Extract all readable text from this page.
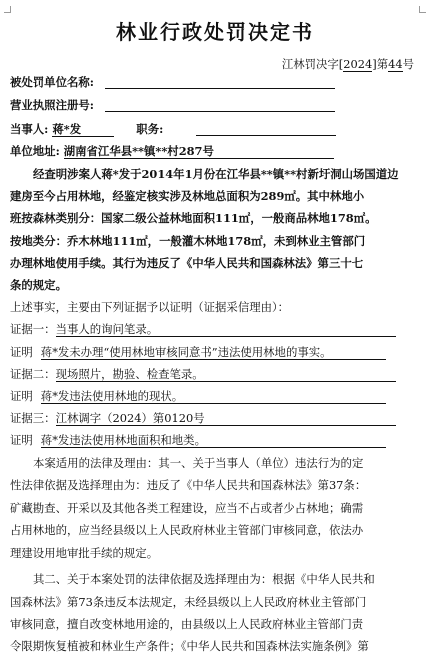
林业行政处罚决定书
江林罚决字[2024]第44号
被处罚单位名称:
营业执照注册号:
当事人: 蒋*发	职务:
单位地址: 湖南省江华县**镇**村287号
经查明涉案人蒋*发于2014年1月份在江华县**镇**村新圩洞山场国道边
建房至今占用林地，经鉴定核实涉及林地总面积为289㎡。其中林地小
班按森林类别分：国家二级公益林地面积111㎡，一般商品林地178㎡。
按地类分：乔木林地111㎡，一般灌木林地178㎡，未到林业主管部门
办理林地使用手续。其行为违反了《中华人民共和国森林法》第三十七
条的规定。
上述事实，主要由下列证据予以证明（证据采信理由）：
证据一：当事人的询问笔录。
证明 蒋*发未办理“使用林地审核同意书”违法使用林地的事实。
证据二：现场照片，勘验、检查笔录。
证明 蒋*发违法使用林地的现状。
证据三：江林调字（2024）第0120号
证明 蒋*发违法使用林地面积和地类。
本案适用的法律及理由：其一、关于当事人（单位）违法行为的定
性法律依据及选择理由为：违反了《中华人民共和国森林法》第37条：
矿藏勘查、开采以及其他各类工程建设，应当不占或者少占林地；确需
占用林地的，应当经县级以上人民政府林业主管部门审核同意，依法办
理建设用地审批手续的规定。
其二、关于本案处罚的法律依据及选择理由为：根据《中华人民共和
国森林法》第73条违反本法规定，未经县级以上人民政府林业主管部门
审核同意，擅自改变林地用途的，由县级以上人民政府林业主管部门责
令限期恢复植被和林业生产条件；《中华人民共和国森林法实施条例》第
